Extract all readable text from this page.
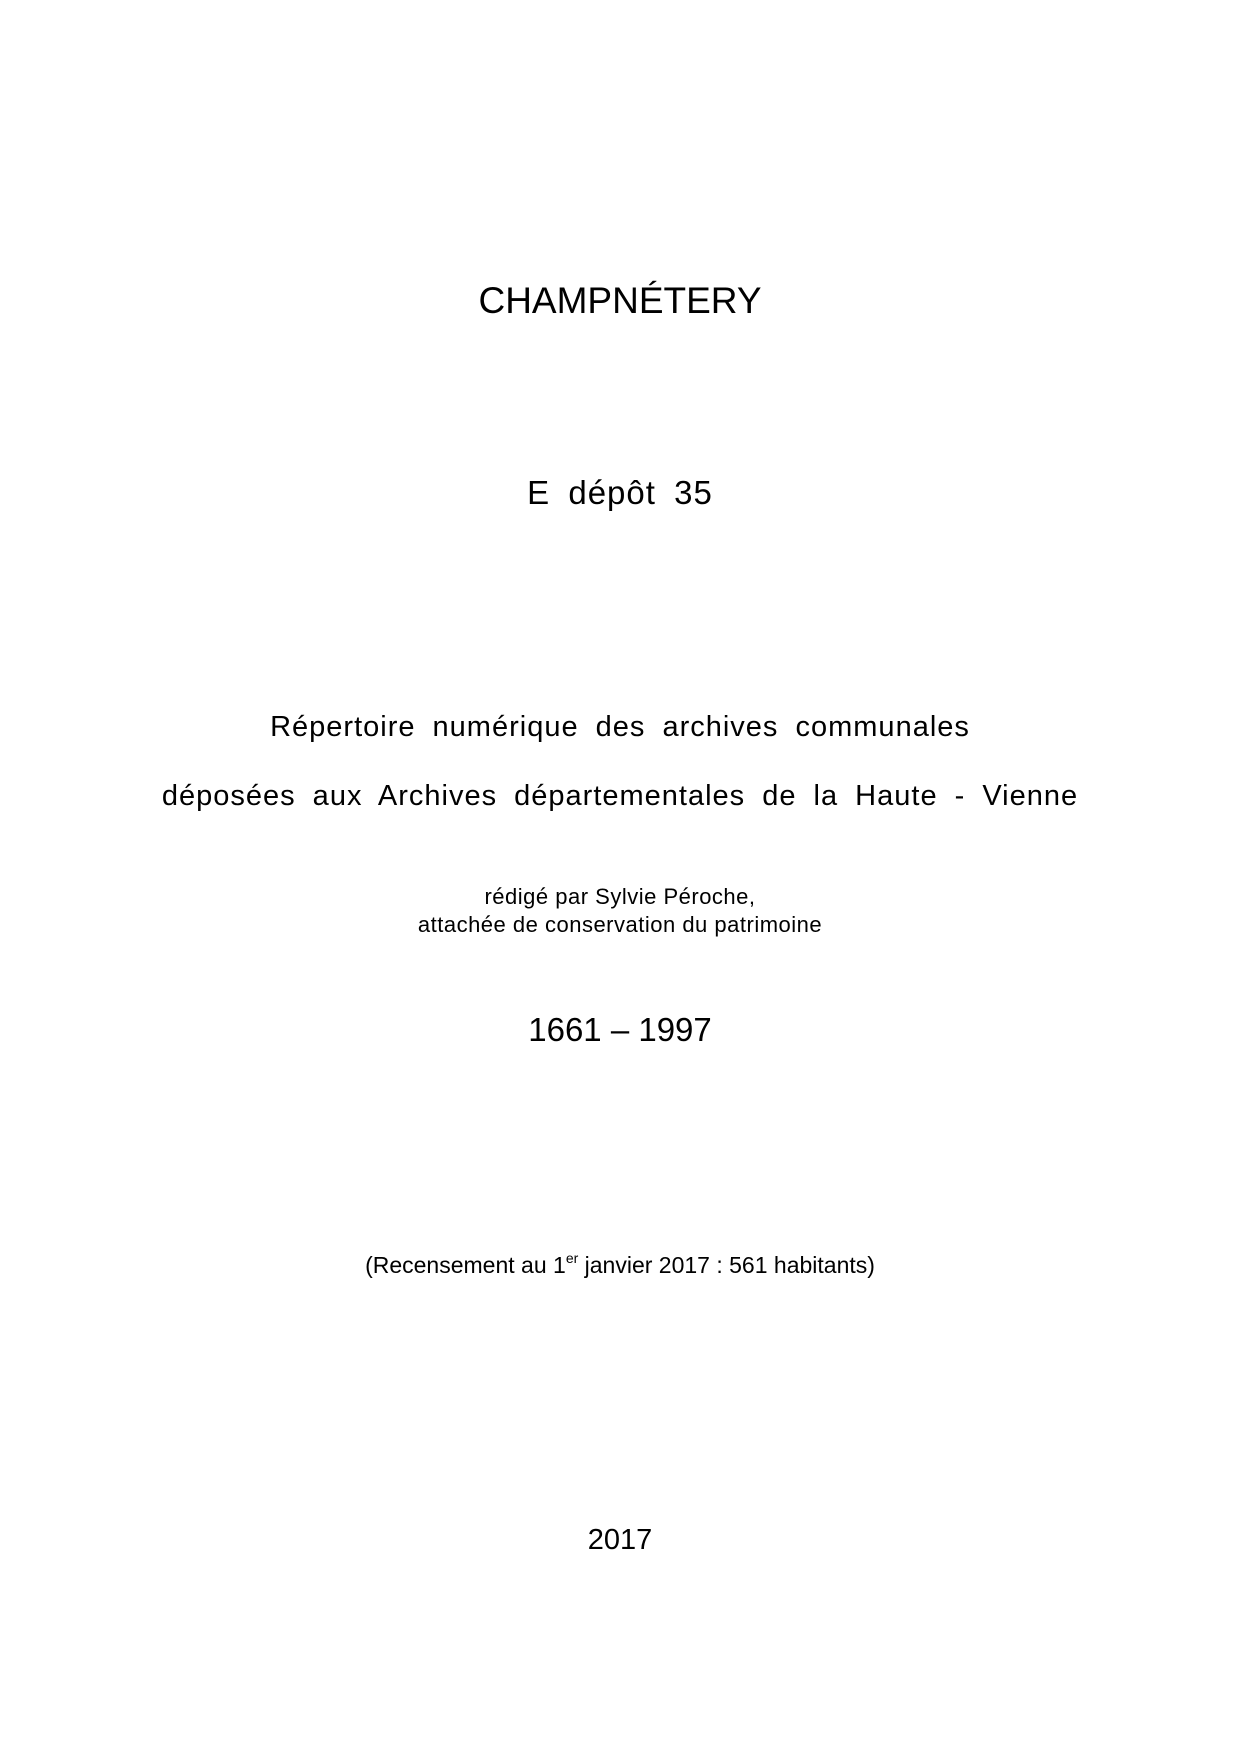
CHAMPNÉTERY
E dépôt 35
Répertoire numérique des archives communales
déposées aux Archives départementales de la Haute - Vienne
rédigé par Sylvie Péroche,
attachée de conservation du patrimoine
1661 – 1997
(Recensement au 1er janvier 2017 : 561 habitants)
2017
